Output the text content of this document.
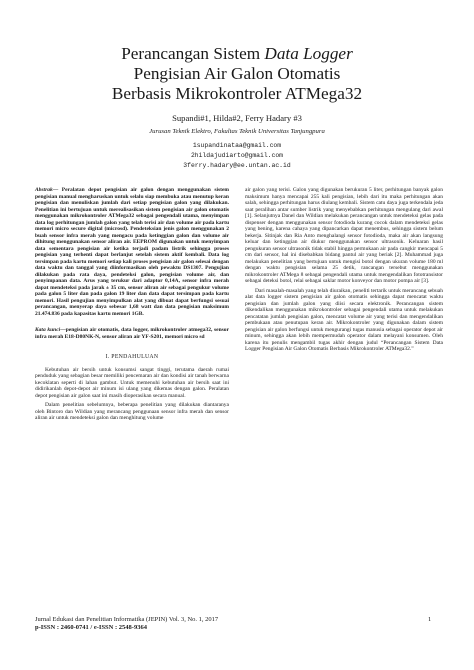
Perancangan Sistem Data Logger
Pengisian Air Galon Otomatis
Berbasis Mikrokontroler ATMega32
Supandi#1, Hilda#2, Ferry Hadary #3
Jurusan Teknik Elektro, Fakultas Teknik Universitas Tanjungpura
1supandinataa@gmail.com
2hildajudiarto@gmail.com
3ferry.hadary@ee.untan.ac.id

Abstrak— Peralatan depot pengisian air galon dengan menggunakan sistem pengisian manual mengharuskan untuk selalu siap membuka atau menutup keran pengisian dan menuliskan jumlah dari setiap pengisian galon yang dilakukan. Penelitian ini bertujuan untuk merealisasikan sistem pengisian air galon otomatis menggunakan mikrokontroler ATMega32 sebagai pengendali utama, menyimpan data log perhitungan jumlah galon yang telah terisi air dan volume air pada kartu memori micro secure digital (microsd). Pendeteksian jenis galon menggunakan 2 buah sensor infra merah yang mengacu pada ketinggian galon dan volume air dihitung menggunakan sensor aliran air. EEPROM digunakan untuk menyimpan data sementara pengisian air ketika terjadi padam listrik sehingga proses pengisian yang terhenti dapat berlanjut setelah sistem aktif kembali. Data log tersimpan pada kartu memori setiap kali proses pengisian air galon selesai dengan data waktu dan tanggal yang diinformasikan oleh pewaktu DS1307. Pengujian dilakukan pada rata daya, pendeteksi galon, pengisian volume air, dan penyimpanan data. Arus yang terukur dari adaptor 0,14A, sensor infra merah dapat mendeteksi pada jarak ± 35 cm, sensor aliran air sebagai pengukur volume pada galon 5 liter dan pada galon 19 liter dan data dapat tersimpan pada kartu memori. Hasil pengujian menyimpulkan alat yang dibuat dapat berfungsi sesuai perancangan, menyerap daya sebesar 1,68 watt dan data pengisian maksimum 21.474.836 pada kapasitas kartu memori 1GB.

Kata kunci—pengisian air otomatis, data logger, mikrokontroler atmega32, sensor infra merah E18-D80NK-N, sensor aliran air YF-S201, memori micro sd

I. PENDAHULUAN

Kebutuhan air bersih untuk konsumsi sangat tinggi, terutama daerah rumai penduduk yang sebagian besar memiliki pencemaran air dan kondisi air tanah berwarna kecoklatan seperti di lahan gambut. Untuk memenuhi kebutuhan air bersih saat ini didirikanlah depot-depot air minum isi ulang yang dikemas dengan galon. Peralatan depot pengisian air galon saat ini masih dioperasikan secara manual.

Dalam penelitian sebelumnya, beberapa penelitian yang dilakukan diantaranya oleh Bintoro dan Wildian yang merancang penggunaan sensor infra merah dan sensor aliran air untuk mendeteksi galon dan menghitung volume

air galon yang terisi. Galon yang digunakan berukuran 5 liter, perhitungan banyak galon maksimum hanya mencapai 255 kali pengisian, lebih dari itu maka perhitungan akan salah, sehingga perhitungan harus diulang kembali. Sistem catu daya juga terkendala jeda saat peralihan antar sumber listrik yang menyebabkan perhitungan mengulang dari awal [1]. Selanjutnya Danel dan Wildian melakukan perancangan untuk mendeteksi gelas pada dispenser dengan menggunakan sensor fotodioda kurang cocok dalam mendeteksi gelas yang bening, karena cahaya yang dipancarkan dapat menembus, sehingga sistem belum bekerja. Sitinjak dan Ria Anto menghalangi sensor fotodioda, maka air akan langsung keluar dan ketinggian air diukur menggunakan sensor ultrasonik. Keluaran hasil pengukuran sensor ultrasonik tidak stabil hingga permukaan air pada cangkir mencapai 5 cm dari sensor, hal ini disebabkan bidang pantul air yang beriak [2]. Muhammad juga melakukan penelitian yang bertujuan untuk mengisi botol dengan ukuran volume 180 ml dengan waktu pengisian selama 25 detik, rancangan tersebut menggunakan mikrokontroler ATMega 8 sebagai pengendali utama untuk mengendalikan fototransistor sebagai deteksi botol, relai sebagai saklar motor konveyor dan motor pompa air [3].

Dari masalah-masalah yang telah diuraikan, peneliti tertarik untuk merancang sebuah alat data logger sistem pengisian air galon otomatis sehingga dapat mencatat waktu pengisian dan jumlah galon yang diisi secara elektronik. Perancangan sistem dikendalikan menggunakan mikrokontroler sebagai pengendali utama untuk melakukan pencatatan jumlah pengisian galon, mencatat volume air yang terisi dan mengendalikan pembukaan atau penutupan keran air. Mikrokontroler yang digunakan dalam sistem pengisian air galon berfungsi untuk mengurangi tugas manusia sebagai operator depot air minum, sehingga akan lebih mempermudah operator dalam melayani konsumen. Oleh karena itu penulis mengambil tugas akhir dengan judul “Perancangan Sistem Data Logger Pengisian Air Galon Otomatis Berbasis Mikrokontroler ATMega32.”

Jurnal Edukasi dan Penelitian Informatika (JEPIN) Vol. 3, No. 1, 2017
p-ISSN : 2460-0741 / e-ISSN : 2548-9364
1
